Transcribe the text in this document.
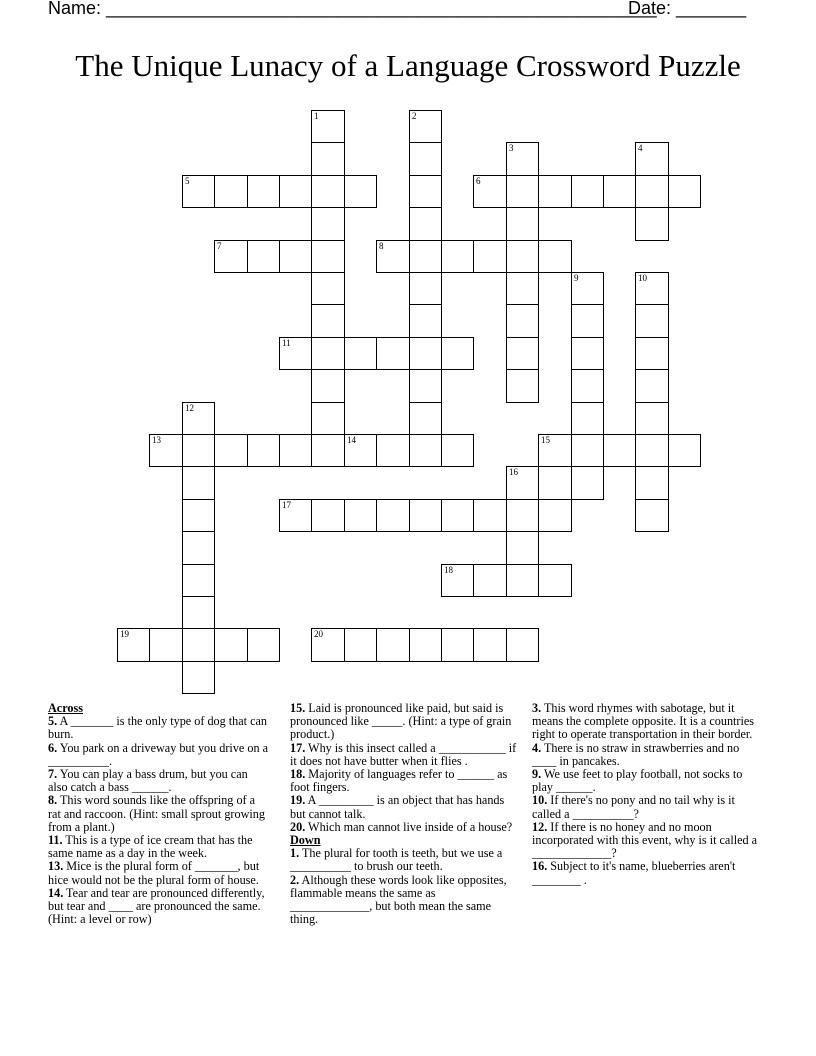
Name: _______________________________________________________
Date: _______
The Unique Lunacy of a Language Crossword Puzzle
1	2
3	4
5	6
7	8
9	10
11
12
13	14	15
16
17
18
19	20

Across

5. A _______ is the only type of dog that can burn.

6. You park on a driveway but you drive on a __________.

7. You can play a bass drum, but you can also catch a bass ______.

8. This word sounds like the offspring of a rat and raccoon. (Hint: small sprout growing from a plant.)

11. This is a type of ice cream that has the same name as a day in the week.

13. Mice is the plural form of _______, but hice would not be the plural form of house.

14. Tear and tear are pronounced differently, but tear and ____ are pronounced the same. (Hint: a level or row)

15. Laid is pronounced like paid, but said is pronounced like _____. (Hint: a type of grain product.)

17. Why is this insect called a ___________ if it does not have butter when it flies .

18. Majority of languages refer to ______ as foot fingers.

19. A _________ is an object that has hands but cannot talk.

20. Which man cannot live inside of a house?

Down

1. The plural for tooth is teeth, but we use a __________ to brush our teeth.

2. Although these words look like opposites, flammable means the same as _____________, but both mean the same thing.

3. This word rhymes with sabotage, but it means the complete opposite. It is a countries right to operate transportation in their border.

4. There is no straw in strawberries and no ____ in pancakes.

9. We use feet to play football, not socks to play ______.

10. If there's no pony and no tail why is it called a __________?

12. If there is no honey and no moon incorporated with this event, why is it called a _____________?

16. Subject to it's name, blueberries aren't ________ .
